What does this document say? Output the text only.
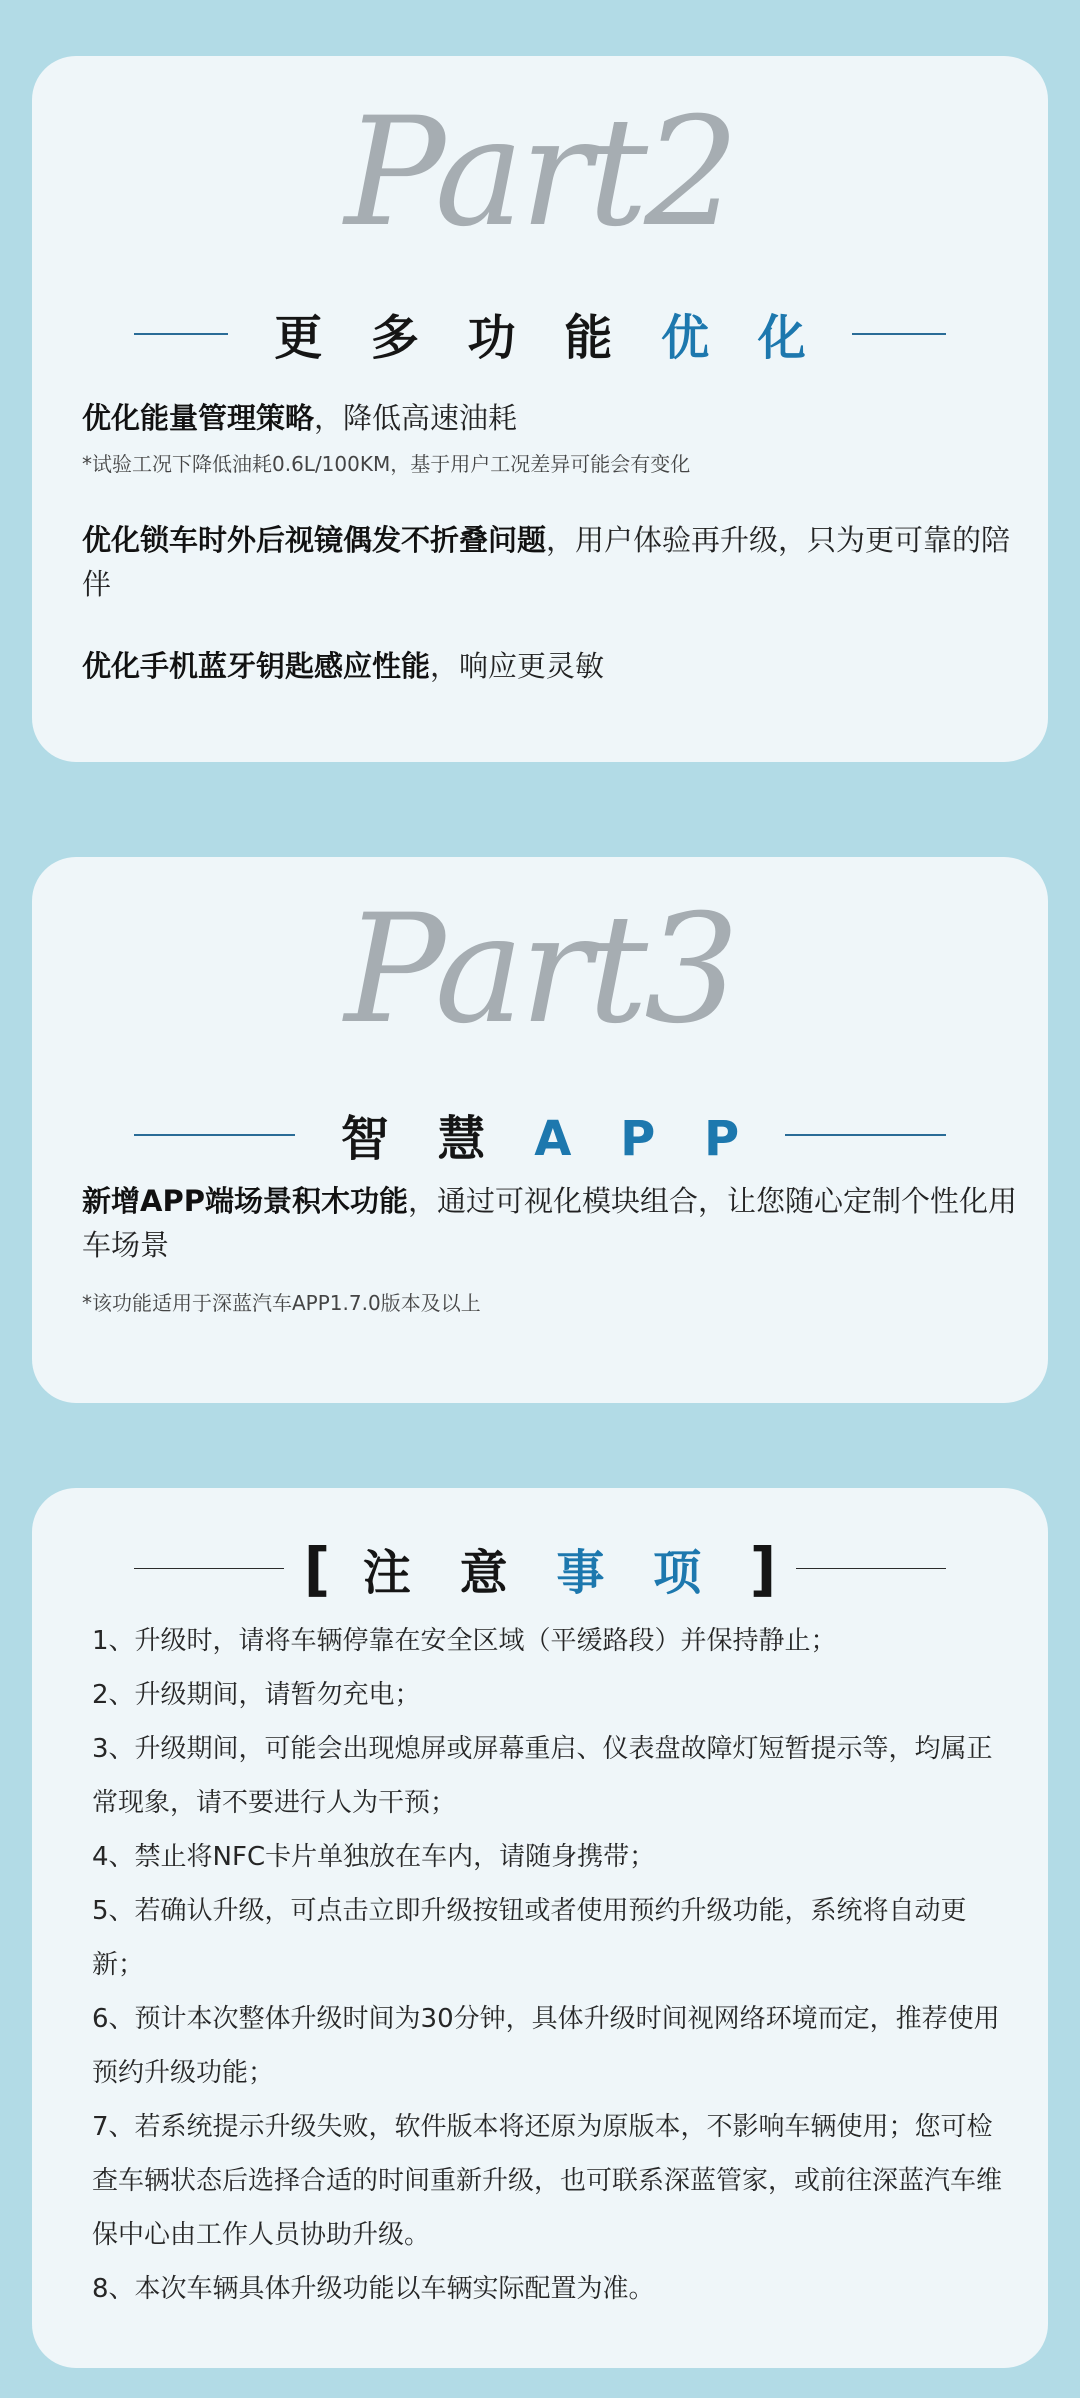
Part2
更 多 功 能 优 化
优化能量管理策略，降低高速油耗
*试验工况下降低油耗0.6L/100KM，基于用户工况差异可能会有变化
优化锁车时外后视镜偶发不折叠问题，用户体验再升级，只为更可靠的陪伴
优化手机蓝牙钥匙感应性能，响应更灵敏
Part3
智 慧 A P P
新增APP端场景积木功能，通过可视化模块组合，让您随心定制个性化用车场景
*该功能适用于深蓝汽车APP1.7.0版本及以上
[ 注 意 事 项 ]
1、升级时，请将车辆停靠在安全区域（平缓路段）并保持静止；
2、升级期间，请暂勿充电；
3、升级期间，可能会出现熄屏或屏幕重启、仪表盘故障灯短暂提示等，均属正常现象，请不要进行人为干预；
4、禁止将NFC卡片单独放在车内，请随身携带；
5、若确认升级，可点击立即升级按钮或者使用预约升级功能，系统将自动更新；
6、预计本次整体升级时间为30分钟，具体升级时间视网络环境而定，推荐使用预约升级功能；
7、若系统提示升级失败，软件版本将还原为原版本，不影响车辆使用；您可检查车辆状态后选择合适的时间重新升级，也可联系深蓝管家，或前往深蓝汽车维保中心由工作人员协助升级。
8、本次车辆具体升级功能以车辆实际配置为准。
